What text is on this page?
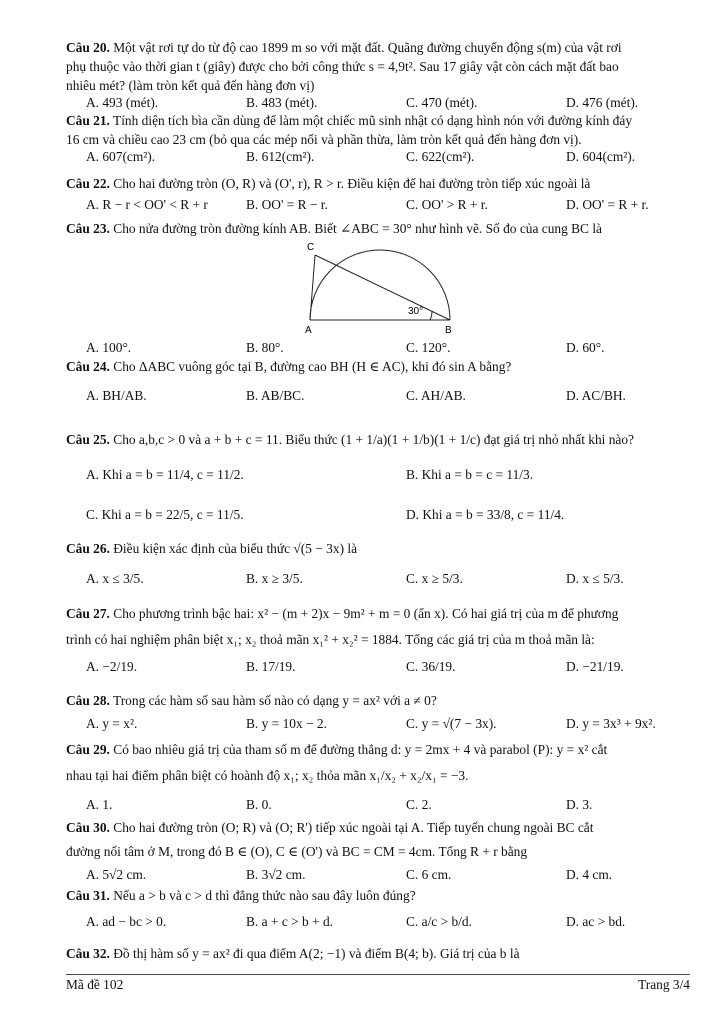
Câu 20. Một vật rơi tự do từ độ cao 1899 m so với mặt đất. Quãng đường chuyển động s(m) của vật rơi
phụ thuộc vào thời gian t (giây) được cho bởi công thức s = 4,9t². Sau 17 giây vật còn cách mặt đất bao
nhiêu mét? (làm tròn kết quả đến hàng đơn vị)
A. 493 (mét).	B. 483 (mét).	C. 470 (mét).	D. 476 (mét).
Câu 21. Tính diện tích bìa cần dùng để làm một chiếc mũ sinh nhật có dạng hình nón với đường kính đáy
16 cm và chiều cao 23 cm (bỏ qua các mép nối và phần thừa, làm tròn kết quả đến hàng đơn vị).
A. 607(cm²).	B. 612(cm²).	C. 622(cm²).	D. 604(cm²).
Câu 22. Cho hai đường tròn (O, R) và (O', r), R > r. Điều kiện để hai đường tròn tiếp xúc ngoài là
A. R − r < OO' < R + r	B. OO' = R − r.	C. OO' > R + r.	D. OO' = R + r.
Câu 23. Cho nửa đường tròn đường kính AB. Biết ∠ABC = 30° như hình vẽ. Số đo của cung BC là
C
A	B
30°
A. 100°.	B. 80°.	C. 120°.	D. 60°.
Câu 24. Cho ΔABC vuông góc tại B, đường cao BH (H ∈ AC), khi đó sin A bằng?
A. BH/AB.	B. AB/BC.	C. AH/AB.	D. AC/BH.
Câu 25. Cho a,b,c > 0 và a + b + c = 11. Biểu thức (1 + 1/a)(1 + 1/b)(1 + 1/c) đạt giá trị nhỏ nhất khi nào?
A. Khi a = b = 11/4, c = 11/2.	B. Khi a = b = c = 11/3.
C. Khi a = b = 22/5, c = 11/5.	D. Khi a = b = 33/8, c = 11/4.
Câu 26. Điều kiện xác định của biểu thức √(5 − 3x) là
A. x ≤ 3/5.	B. x ≥ 3/5.	C. x ≥ 5/3.	D. x ≤ 5/3.
Câu 27. Cho phương trình bậc hai: x² − (m + 2)x − 9m² + m = 0 (ẩn x). Có hai giá trị của m để phương
trình có hai nghiệm phân biệt x₁; x₂ thoả mãn x₁² + x₂² = 1884. Tổng các giá trị của m thoả mãn là:
A. −2/19.	B. 17/19.	C. 36/19.	D. −21/19.
Câu 28. Trong các hàm số sau hàm số nào có dạng y = ax² với a ≠ 0?
A. y = x².	B. y = 10x − 2.	C. y = √(7 − 3x).	D. y = 3x³ + 9x².
Câu 29. Có bao nhiêu giá trị của tham số m để đường thẳng d: y = 2mx + 4 và parabol (P): y = x² cắt
nhau tại hai điểm phân biệt có hoành độ x₁; x₂ thỏa mãn x₁/x₂ + x₂/x₁ = −3.
A. 1.	B. 0.	C. 2.	D. 3.
Câu 30. Cho hai đường tròn (O; R) và (O; R') tiếp xúc ngoài tại A. Tiếp tuyến chung ngoài BC cắt
đường nối tâm ở M, trong đó B ∈ (O), C ∈ (O') và BC = CM = 4cm. Tổng R + r bằng
A. 5√2 cm.	B. 3√2 cm.	C. 6 cm.	D. 4 cm.
Câu 31. Nếu a > b và c > d thì đẳng thức nào sau đây luôn đúng?
A. ad − bc > 0.	B. a + c > b + d.	C. a/c > b/d.	D. ac > bd.
Câu 32. Đồ thị hàm số y = ax² đi qua điểm A(2; −1) và điểm B(4; b). Giá trị của b là
Mã đề 102	Trang 3/4
